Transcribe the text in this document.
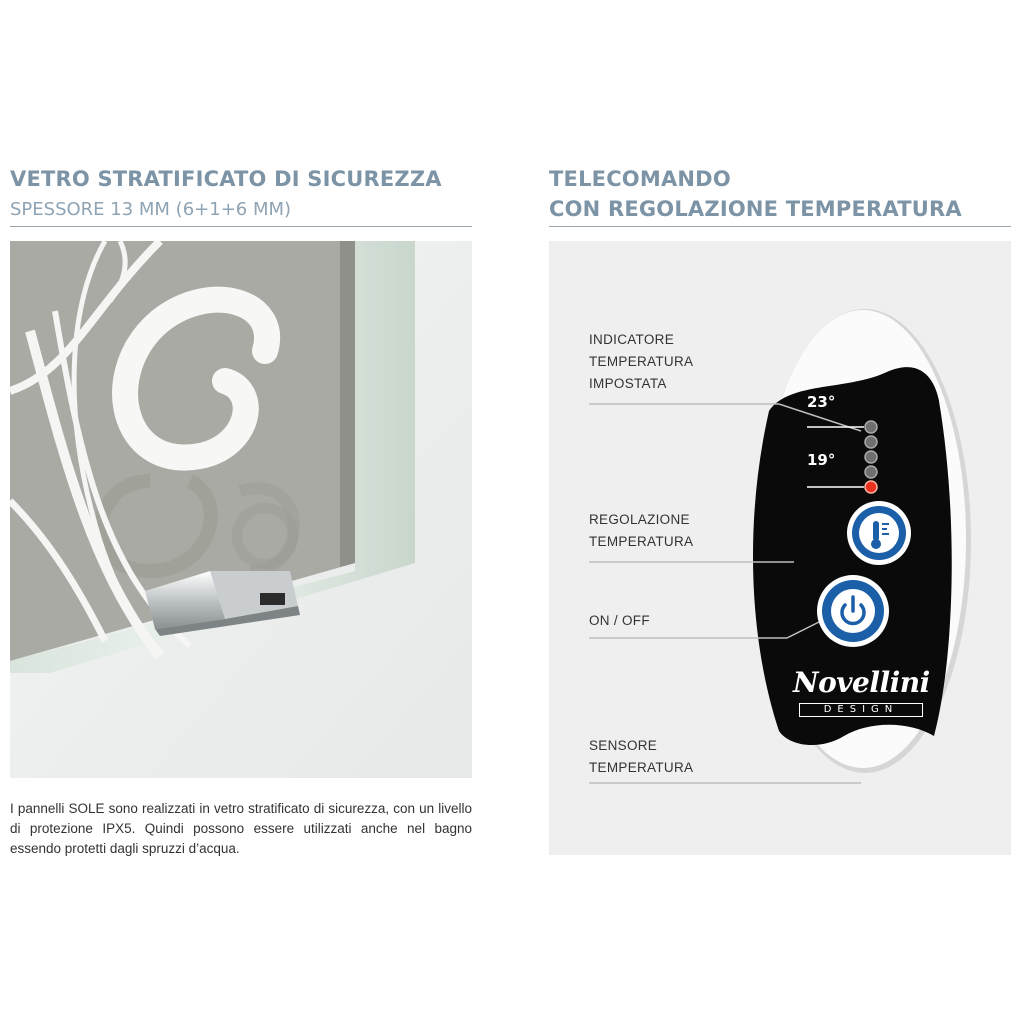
VETRO STRATIFICATO DI SICUREZZA
SPESSORE 13 MM (6+1+6 MM)
I pannelli SOLE sono realizzati in vetro stratificato di sicurezza, con un livello di protezione IPX5. Quindi possono essere utilizzati anche nel bagno essendo protetti dagli spruzzi d’acqua.
TELECOMANDO
CON REGOLAZIONE TEMPERATURA
23°
19°
Novellini
DESIGN
INDICATORE
TEMPERATURA
IMPOSTATA
REGOLAZIONE
TEMPERATURA
ON / OFF
SENSORE
TEMPERATURA
